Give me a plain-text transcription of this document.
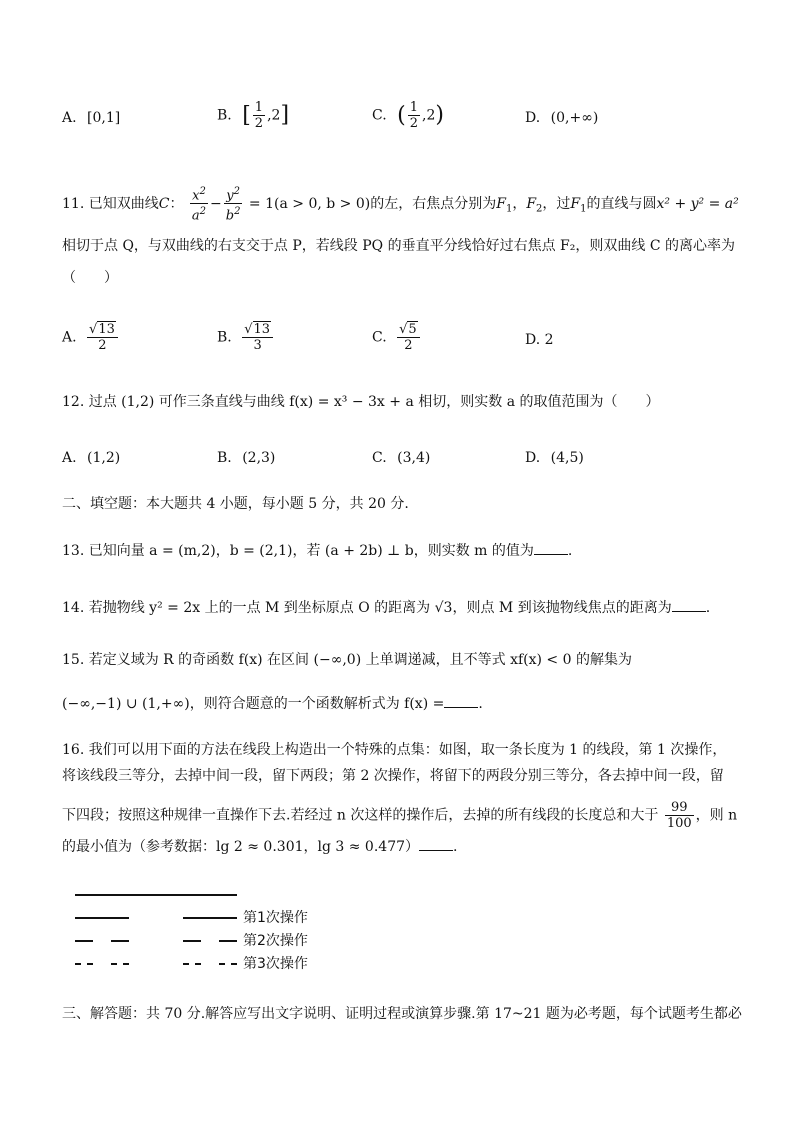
A. [0,1]	B. [ $\frac{1}{2} ,2$]	C. ( $\frac{1}{2} ,2$)	D. (0,+∞)
11. 已知双曲线C： $\frac{x^2}{a^2} - \frac{y^2}{b^2} = 1(a > 0$, b > 0)的左，右焦点分别为$F_1$，$F_2$，过$F_1$的直线与圆x² + y² = a²
相切于点 Q，与双曲线的右支交于点 P，若线段 PQ 的垂直平分线恰好过右焦点 F₂，则双曲线 C 的离心率为
（　　）
A. $\frac{√13}{2}$	B. $\frac{√13}{3}$	C. $\frac{√5}{2}$	D. 2
12. 过点 (1,2) 可作三条直线与曲线 f(x) = x³ − 3x + a 相切，则实数 a 的取值范围为（　　）
A. (1,2)	B. (2,3)	C. (3,4)	D. (4,5)
二、填空题：本大题共 4 小题，每小题 5 分，共 20 分.
13. 已知向量 a = (m,2)，b = (2,1)，若 (a + 2b) ⊥ b，则实数 m 的值为 .
14. 若抛物线 y² = 2x 上的一点 M 到坐标原点 O 的距离为 √3，则点 M 到该抛物线焦点的距离为 .
15. 若定义域为 R 的奇函数 f(x) 在区间 (−∞,0) 上单调递减，且不等式 xf(x) < 0 的解集为
(−∞,−1) ∪ (1,+∞)，则符合题意的一个函数解析式为 f(x) = .
16. 我们可以用下面的方法在线段上构造出一个特殊的点集：如图，取一条长度为 1 的线段，第 1 次操作，
将该线段三等分，去掉中间一段，留下两段；第 2 次操作，将留下的两段分别三等分，各去掉中间一段，留
下四段；按照这种规律一直操作下去.若经过 n 次这样的操作后，去掉的所有线段的长度总和大于 $\frac{99}{100}$ ，则 n
的最小值为（参考数据：lg 2 ≈ 0.301，lg 3 ≈ 0.477） .
第1次操作
第2次操作
第3次操作
三、解答题：共 70 分.解答应写出文字说明、证明过程或演算步骤.第 17~21 题为必考题，每个试题考生都必
